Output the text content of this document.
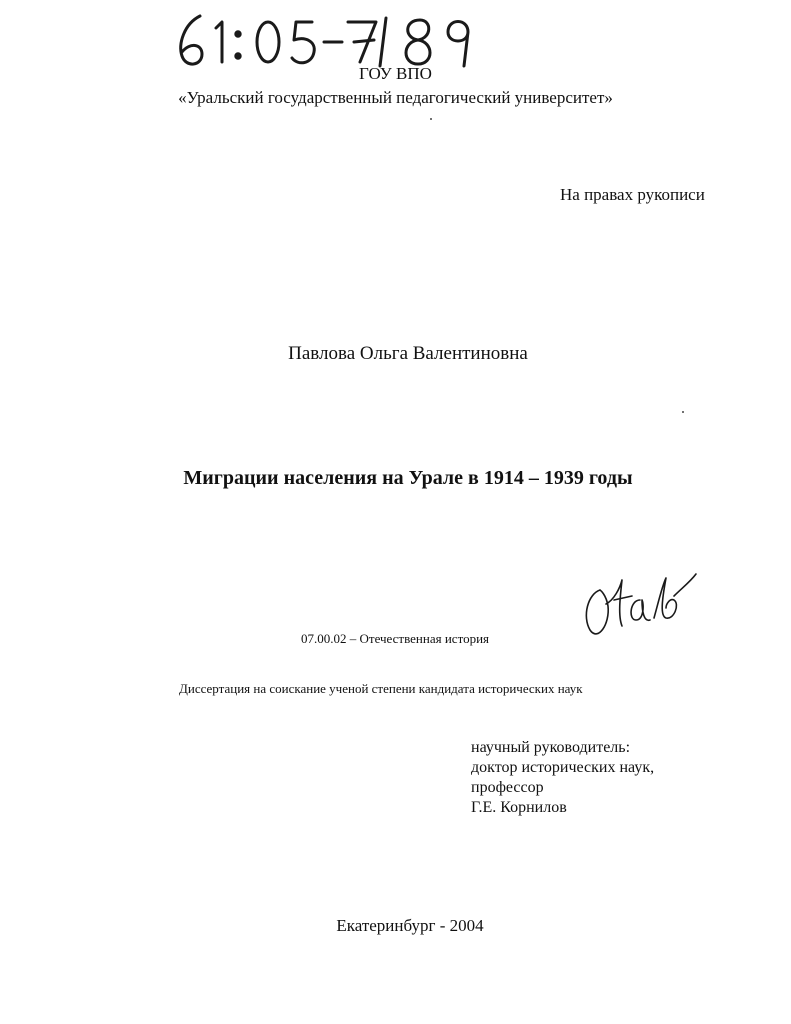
ГОУ ВПО
«Уральский государственный педагогический университет»
На правах рукописи
Павлова Ольга Валентиновна
Миграции населения на Урале в 1914 – 1939 годы
07.00.02 – Отечественная история
Диссертация на соискание ученой степени кандидата исторических наук
научный руководитель:
доктор исторических наук,
профессор
Г.Е. Корнилов
Екатеринбург - 2004
